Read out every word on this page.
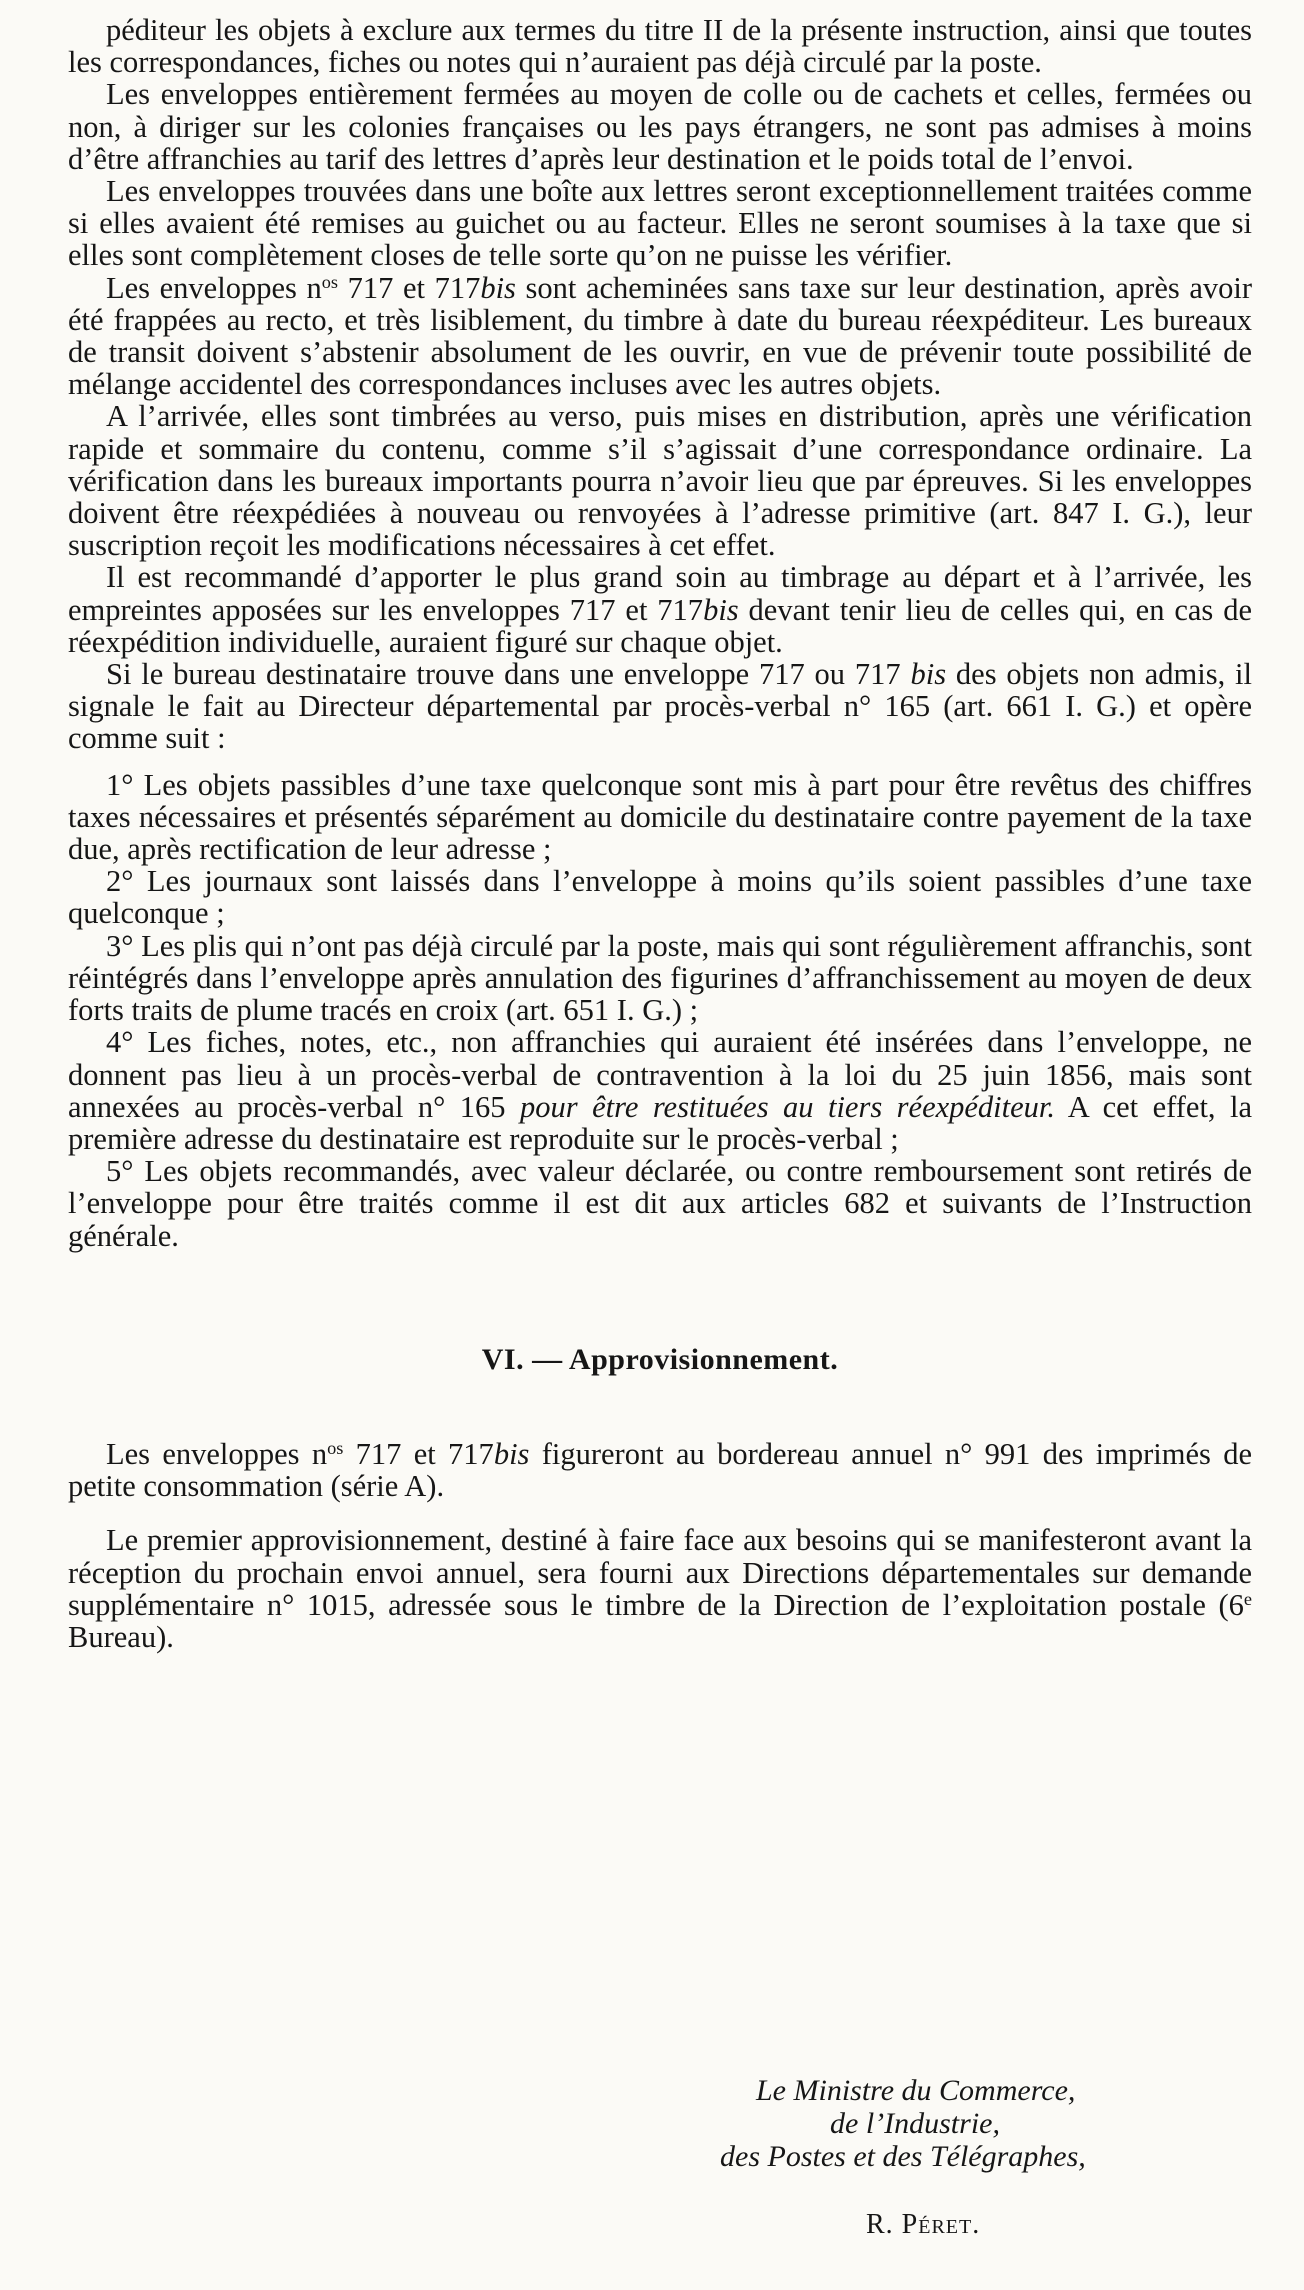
péditeur les objets à exclure aux termes du titre II de la présente instruction, ainsi que toutes les correspondances, fiches ou notes qui n’auraient pas déjà circulé par la poste.

Les enveloppes entièrement fermées au moyen de colle ou de cachets et celles, fermées ou non, à diriger sur les colonies françaises ou les pays étrangers, ne sont pas admises à moins d’être affranchies au tarif des lettres d’après leur destination et le poids total de l’envoi.

Les enveloppes trouvées dans une boîte aux lettres seront exceptionnellement traitées comme si elles avaient été remises au guichet ou au facteur. Elles ne seront soumises à la taxe que si elles sont complètement closes de telle sorte qu’on ne puisse les vérifier.

Les enveloppes $n^{os}$ 717 et 717bis sont acheminées sans taxe sur leur destination, après avoir été frappées au recto, et très lisiblement, du timbre à date du bureau réexpéditeur. Les bureaux de transit doivent s’abstenir absolument de les ouvrir, en vue de prévenir toute possibilité de mélange accidentel des correspondances incluses avec les autres objets.

A l’arrivée, elles sont timbrées au verso, puis mises en distribution, après une vérification rapide et sommaire du contenu, comme s’il s’agissait d’une correspondance ordinaire. La vérification dans les bureaux importants pourra n’avoir lieu que par épreuves. Si les enveloppes doivent être réexpédiées à nouveau ou renvoyées à l’adresse primitive (art. 847 I. G.), leur suscription reçoit les modifications nécessaires à cet effet.

Il est recommandé d’apporter le plus grand soin au timbrage au départ et à l’arrivée, les empreintes apposées sur les enveloppes 717 et 717bis devant tenir lieu de celles qui, en cas de réexpédition individuelle, auraient figuré sur chaque objet.

Si le bureau destinataire trouve dans une enveloppe 717 ou 717 bis des objets non admis, il signale le fait au Directeur départemental par procès-verbal n° 165 (art. 661 I. G.) et opère comme suit :

1° Les objets passibles d’une taxe quelconque sont mis à part pour être revêtus des chiffres taxes nécessaires et présentés séparément au domicile du destinataire contre payement de la taxe due, après rectification de leur adresse ;

2° Les journaux sont laissés dans l’enveloppe à moins qu’ils soient passibles d’une taxe quelconque ;

3° Les plis qui n’ont pas déjà circulé par la poste, mais qui sont régulièrement affranchis, sont réintégrés dans l’enveloppe après annulation des figurines d’affranchissement au moyen de deux forts traits de plume tracés en croix (art. 651 I. G.) ;

4° Les fiches, notes, etc., non affranchies qui auraient été insérées dans l’enveloppe, ne donnent pas lieu à un procès-verbal de contravention à la loi du 25 juin 1856, mais sont annexées au procès-verbal n° 165 pour être restituées au tiers réexpéditeur. A cet effet, la première adresse du destinataire est reproduite sur le procès-verbal ;

5° Les objets recommandés, avec valeur déclarée, ou contre remboursement sont retirés de l’enveloppe pour être traités comme il est dit aux articles 682 et suivants de l’Instruction générale.

VI. — Approvisionnement.

Les enveloppes $n^{os}$ 717 et 717bis figureront au bordereau annuel n° 991 des imprimés de petite consommation (série A).

Le premier approvisionnement, destiné à faire face aux besoins qui se manifesteront avant la réception du prochain envoi annuel, sera fourni aux Directions départementales sur demande supplémentaire n° 1015, adressée sous le timbre de la Direction de l’exploitation postale (6e Bureau).

Le Ministre du Commerce,
de l’Industrie,
des Postes et des Télégraphes,
R. Péret.
